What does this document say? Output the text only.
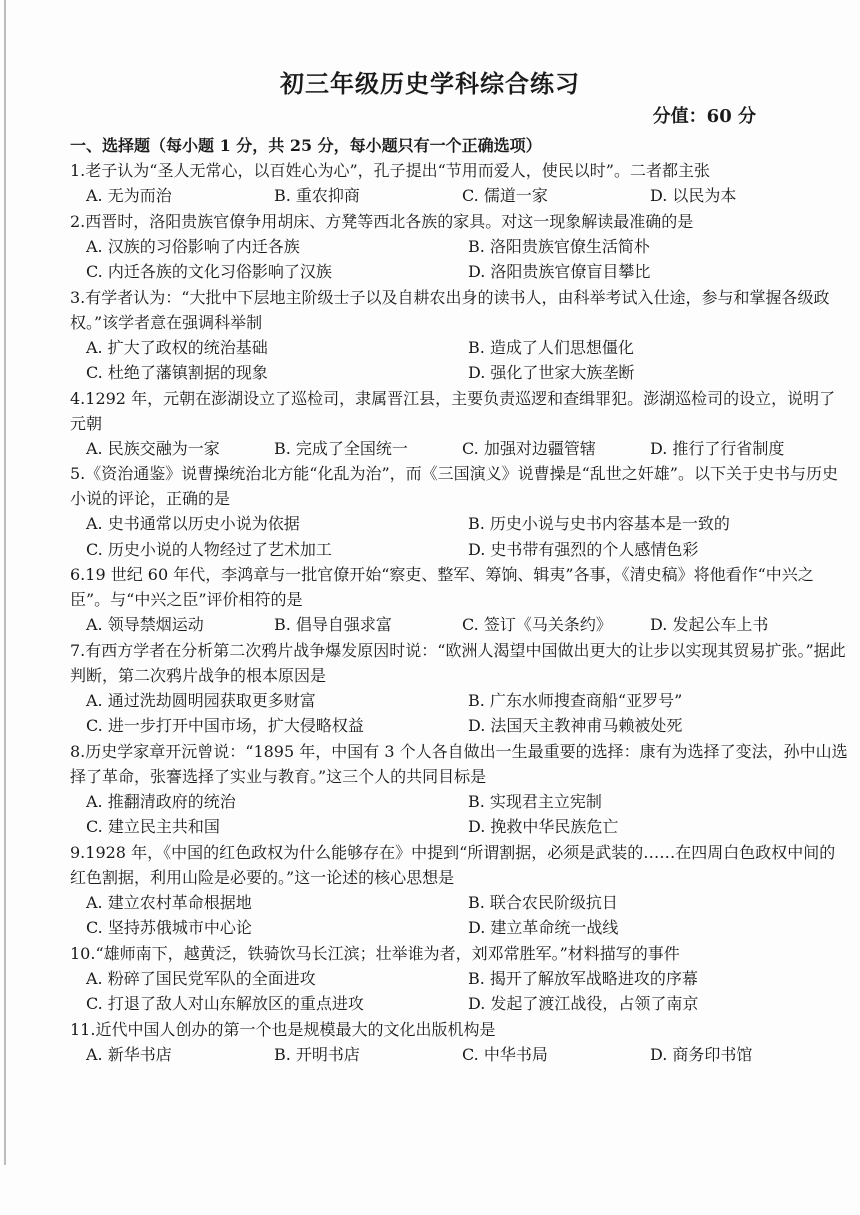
初三年级历史学科综合练习
分值：60 分
一、选择题（每小题 1 分，共 25 分，每小题只有一个正确选项）
1.老子认为“圣人无常心，以百姓心为心”，孔子提出“节用而爱人，使民以时”。二者都主张
A. 无为而治	B. 重农抑商	C. 儒道一家	D. 以民为本
2.西晋时，洛阳贵族官僚争用胡床、方凳等西北各族的家具。对这一现象解读最准确的是
A. 汉族的习俗影响了内迁各族	B. 洛阳贵族官僚生活简朴
C. 内迁各族的文化习俗影响了汉族	D. 洛阳贵族官僚盲目攀比
3.有学者认为：“大批中下层地主阶级士子以及自耕农出身的读书人，由科举考试入仕途，参与和掌握各级政权。”该学者意在强调科举制
A. 扩大了政权的统治基础	B. 造成了人们思想僵化
C. 杜绝了藩镇割据的现象	D. 强化了世家大族垄断
4.1292 年，元朝在澎湖设立了巡检司，隶属晋江县，主要负责巡逻和查缉罪犯。澎湖巡检司的设立，说明了元朝
A. 民族交融为一家	B. 完成了全国统一	C. 加强对边疆管辖	D. 推行了行省制度
5.《资治通鉴》说曹操统治北方能“化乱为治”，而《三国演义》说曹操是“乱世之奸雄”。以下关于史书与历史小说的评论，正确的是
A. 史书通常以历史小说为依据	B. 历史小说与史书内容基本是一致的
C. 历史小说的人物经过了艺术加工	D. 史书带有强烈的个人感情色彩
6.19 世纪 60 年代，李鸿章与一批官僚开始“察吏、整军、筹饷、辑夷”各事，《清史稿》将他看作“中兴之臣”。与“中兴之臣”评价相符的是
A. 领导禁烟运动	B. 倡导自强求富	C. 签订《马关条约》	D. 发起公车上书
7.有西方学者在分析第二次鸦片战争爆发原因时说：“欧洲人渴望中国做出更大的让步以实现其贸易扩张。”据此判断，第二次鸦片战争的根本原因是
A. 通过洗劫圆明园获取更多财富	B. 广东水师搜查商船“亚罗号”
C. 进一步打开中国市场，扩大侵略权益	D. 法国天主教神甫马赖被处死
8.历史学家章开沅曾说：“1895 年，中国有 3 个人各自做出一生最重要的选择：康有为选择了变法，孙中山选择了革命，张謇选择了实业与教育。”这三个人的共同目标是
A. 推翻清政府的统治	B. 实现君主立宪制
C. 建立民主共和国	D. 挽救中华民族危亡
9.1928 年，《中国的红色政权为什么能够存在》中提到“所谓割据，必须是武装的……在四周白色政权中间的红色割据，利用山险是必要的。”这一论述的核心思想是
A. 建立农村革命根据地	B. 联合农民阶级抗日
C. 坚持苏俄城市中心论	D. 建立革命统一战线
10.“雄师南下，越黄泛，铁骑饮马长江滨；壮举谁为者，刘邓常胜军。”材料描写的事件
A. 粉碎了国民党军队的全面进攻	B. 揭开了解放军战略进攻的序幕
C. 打退了敌人对山东解放区的重点进攻	D. 发起了渡江战役，占领了南京
11.近代中国人创办的第一个也是规模最大的文化出版机构是
A. 新华书店	B. 开明书店	C. 中华书局	D. 商务印书馆
